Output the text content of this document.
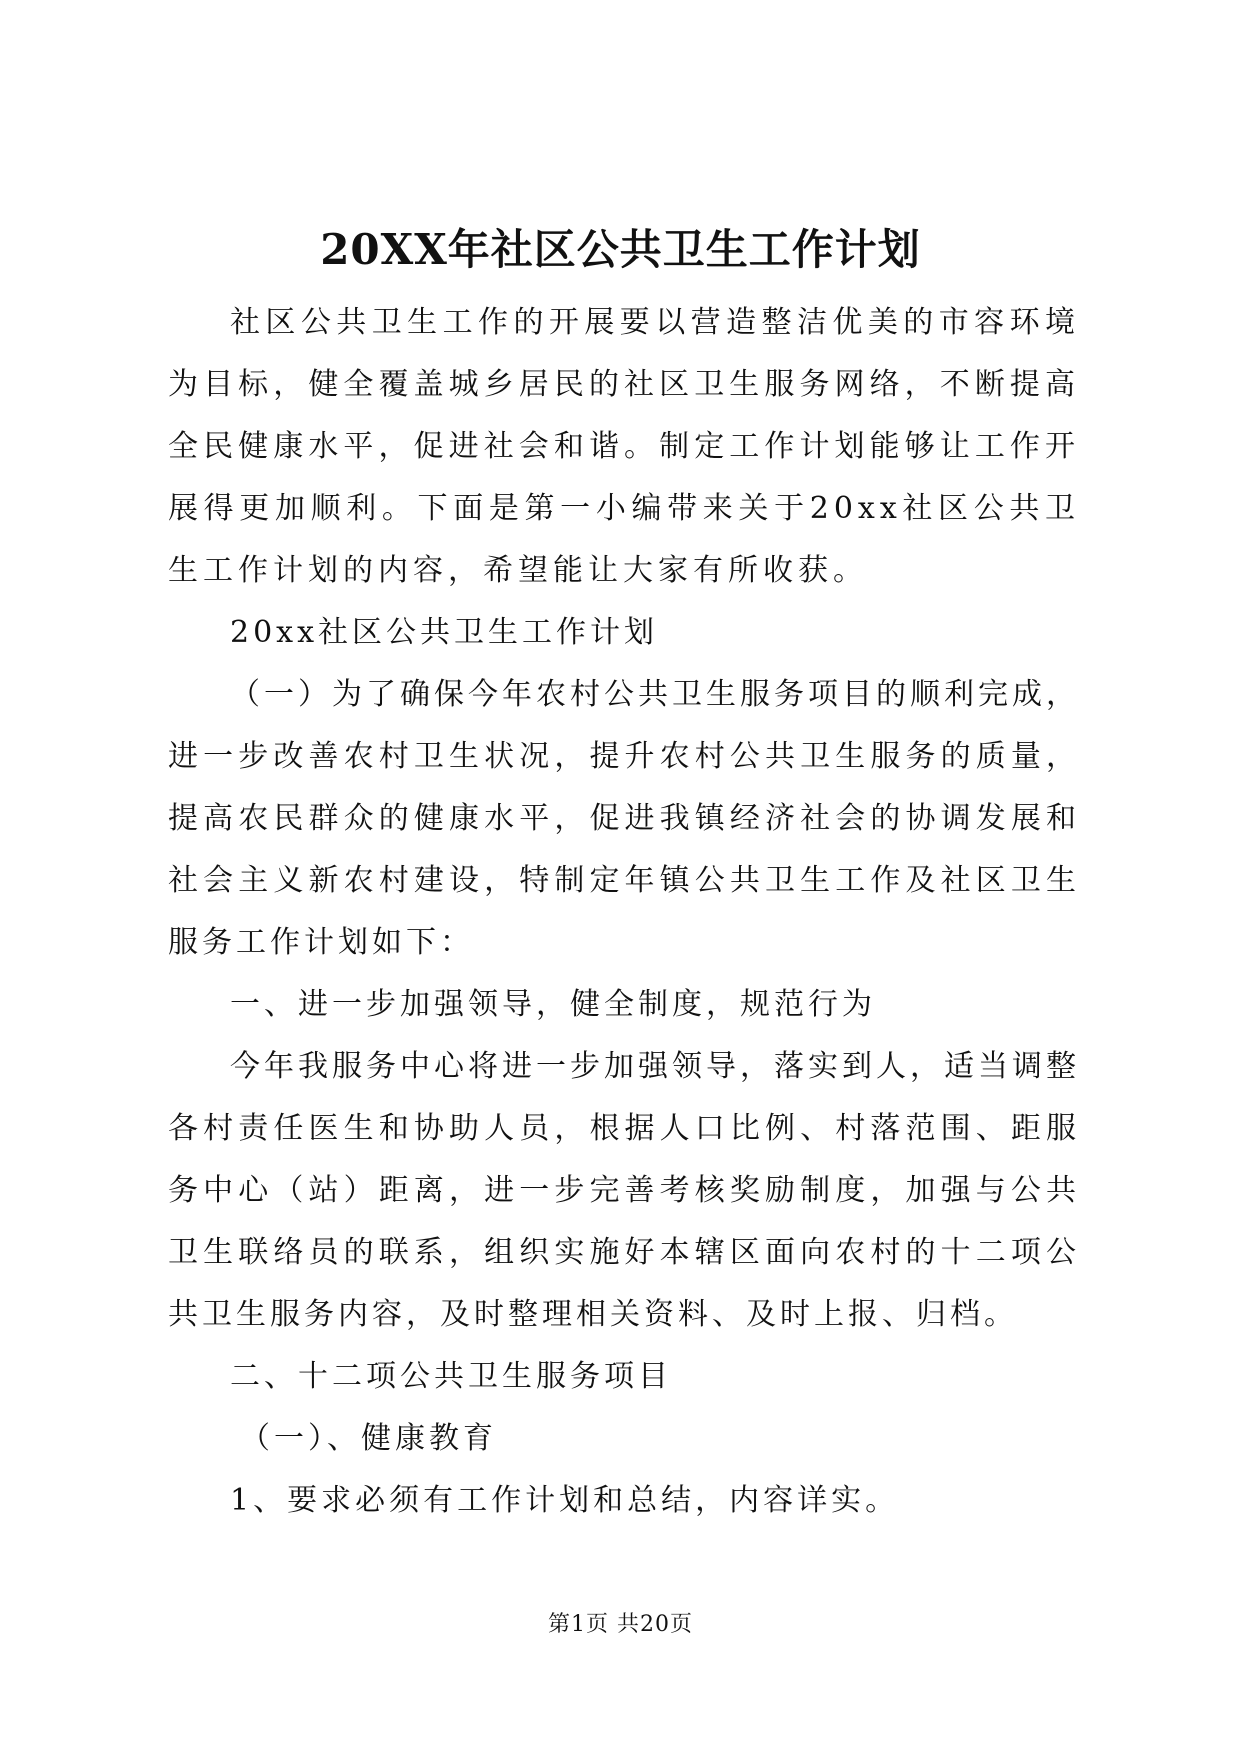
20XX年社区公共卫生工作计划

社区公共卫生工作的开展要以营造整洁优美的市容环境为目标，健全覆盖城乡居民的社区卫生服务网络，不断提高全民健康水平，促进社会和谐。制定工作计划能够让工作开展得更加顺利。下面是第一小编带来关于20xx社区公共卫生工作计划的内容，希望能让大家有所收获。

20xx社区公共卫生工作计划

（一）为了确保今年农村公共卫生服务项目的顺利完成，进一步改善农村卫生状况，提升农村公共卫生服务的质量，提高农民群众的健康水平，促进我镇经济社会的协调发展和社会主义新农村建设，特制定年镇公共卫生工作及社区卫生服务工作计划如下：

一、进一步加强领导，健全制度，规范行为

今年我服务中心将进一步加强领导，落实到人，适当调整各村责任医生和协助人员，根据人口比例、村落范围、距服务中心（站）距离，进一步完善考核奖励制度，加强与公共卫生联络员的联系，组织实施好本辖区面向农村的十二项公共卫生服务内容，及时整理相关资料、及时上报、归档。

二、十二项公共卫生服务项目

（一）、健康教育

1、要求必须有工作计划和总结，内容详实。

第1页 共20页
